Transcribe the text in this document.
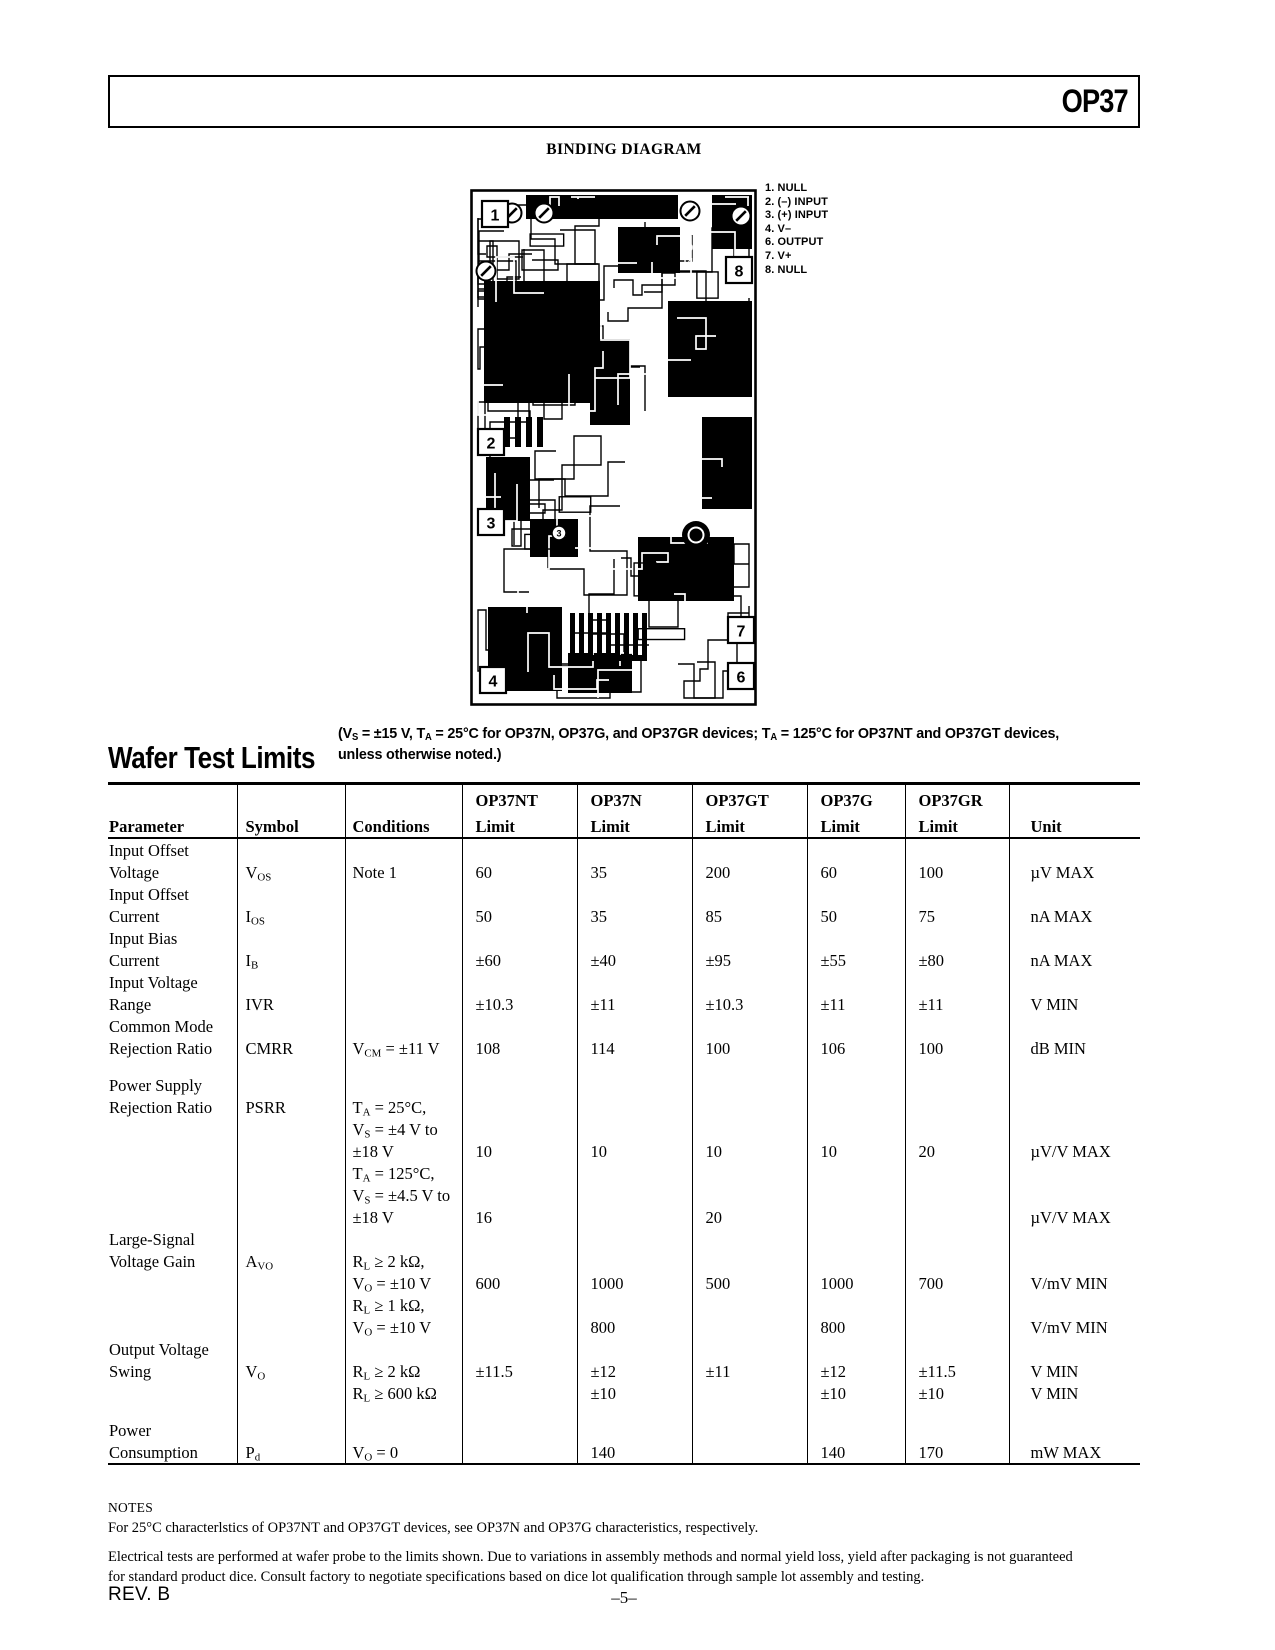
OP37
BINDING DIAGRAM
3
1990
1427U
1
2
3
4	6
7
8
1. NULL
2. (–) INPUT
3. (+) INPUT
4. V–
6. OUTPUT
7. V+
8. NULL
Wafer Test Limits
($V_S = \pm 15$ V, $T_A = 25^\circ C$ for OP37N, OP37G, and OP37GR devices; $T_A = 125^\circ C$ for OP37NT and OP37GT devices,
unless otherwise noted.)
			OP37NT	OP37N	OP37GT	OP37G	OP37GR	
Parameter	Symbol	Conditions	Limit	Limit	Limit	Limit	Limit	Unit
Input Offset								
Voltage	$V_{OS}$	Note 1	60	35	200	60	100	µV MAX
Input Offset								
Current	$I_{OS}$		50	35	85	50	75	nA MAX
Input Bias								
Current	$I_B$		±60	±40	±95	±55	±80	nA MAX
Input Voltage								
Range	IVR		±10.3	±11	±10.3	±11	±11	V MIN
Common Mode								
Rejection Ratio	CMRR	$V_{CM} = \pm 11$ V	108	114	100	106	100	dB MIN

Power Supply								
Rejection Ratio	PSRR	$T_A = 25^\circ C$,						
		$V_S = \pm 4$ V to						
		±18 V	10	10	10	10	20	µV/V MAX
		$T_A = 125^\circ C$,						
		$V_S = \pm 4.5$ V to						
		±18 V	16		20			µV/V MAX
Large-Signal								
Voltage Gain	$A_{VO}$	$R_L \ge 2$ kΩ,						
		$V_O = \pm 10$ V	600	1000	500	1000	700	V/mV MIN
		$R_L \ge 1$ kΩ,						
		$V_O = \pm 10$ V		800		800		V/mV MIN
Output Voltage								
Swing	$V_O$	$R_L \ge 2$ kΩ	±11.5	±12	±11	±12	±11.5	V MIN
		$R_L \ge 600$ kΩ		±10		±10	±10	V MIN

Power								
Consumption	$P_d$	$V_O = 0$		140		140	170	mW MAX
NOTES
For 25°C characterlstics of OP37NT and OP37GT devices, see OP37N and OP37G characteristics, respectively.
Electrical tests are performed at wafer probe to the limits shown. Due to variations in assembly methods and normal yield loss, yield after packaging is not guaranteed
for standard product dice. Consult factory to negotiate specifications based on dice lot qualification through sample lot assembly and testing.
REV. B	–5–
